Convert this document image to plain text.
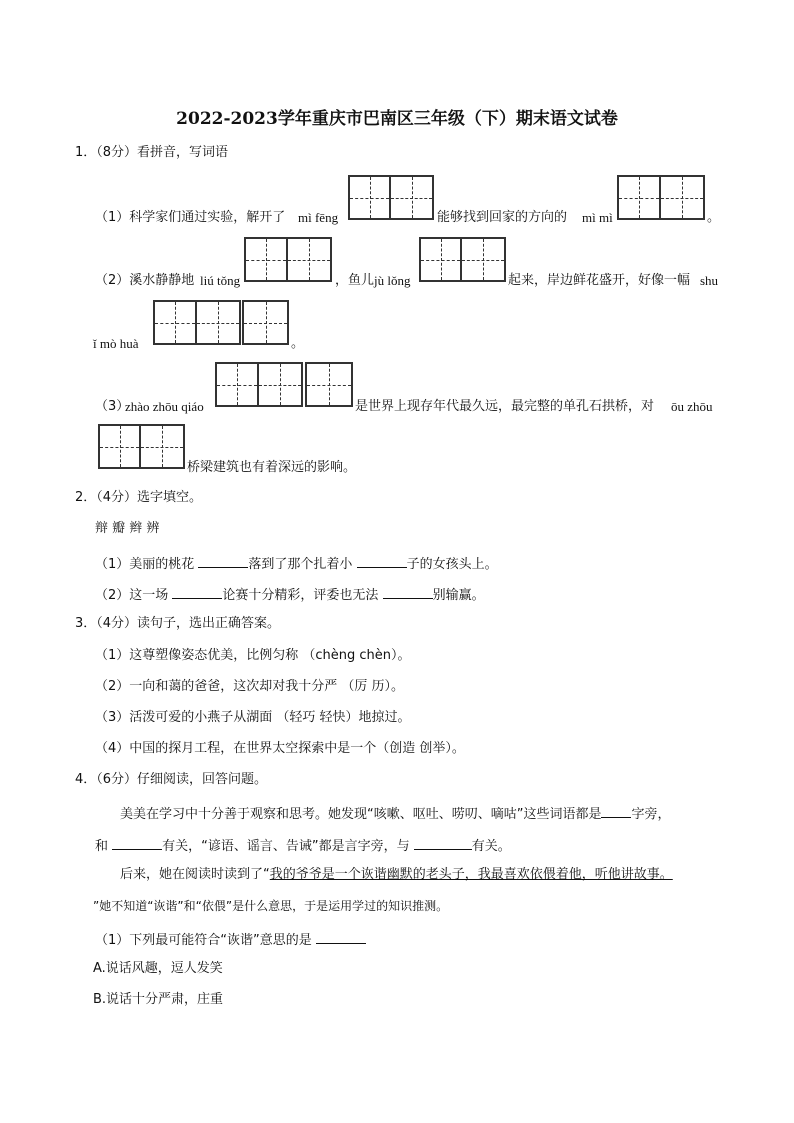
2022-2023学年重庆市巴南区三年级（下）期末语文试卷
1．（8分）看拼音，写词语
（1）科学家们通过实验，解开了 mì fēng	能够找到回家的方向的 mì mì	。
（2）溪水静静地 liú tǒng	，鱼儿 jù lǒng	起来，岸边鲜花盛开，好像一幅 shu
ǐ mò huà	。
（3）
zhào zhōu qiáo	是世界上现存年代最久远，最完整的单孔石拱桥，对 ōu zhōu
桥梁建筑也有着深远的影响。
2．（4分）选字填空。
辩 瓣 辫 辨
（1）美丽的桃花	落到了那个扎着小	子的女孩头上。
（2）这一场	论赛十分精彩，评委也无法	别输赢。
3．（4分）读句子，选出正确答案。
（1）这尊塑像姿态优美，比例匀称 （chèng chèn）。
（2）一向和蔼的爸爸，这次却对我十分严 （厉 历）。
（3）活泼可爱的小燕子从湖面 （轻巧 轻快）地掠过。
（4）中国的探月工程，在世界太空探索中是一个（创造 创举）。
4．（6分）仔细阅读，回答问题。
美美在学习中十分善于观察和思考。她发现“咳嗽、呕吐、唠叨、嘀咕”这些词语都是 字旁，
和	有关，“谚语、谣言、告诫”都是言字旁，与	有关。
后来，她在阅读时读到了“我的爷爷是一个诙谐幽默的老头子，我最喜欢依偎着他，听他讲故事。
”她不知道“诙谐”和“依偎”是什么意思，于是运用学过的知识推测。
（1）下列最可能符合“诙谐”意思的是
A.说话风趣，逗人发笑
B.说话十分严肃，庄重
